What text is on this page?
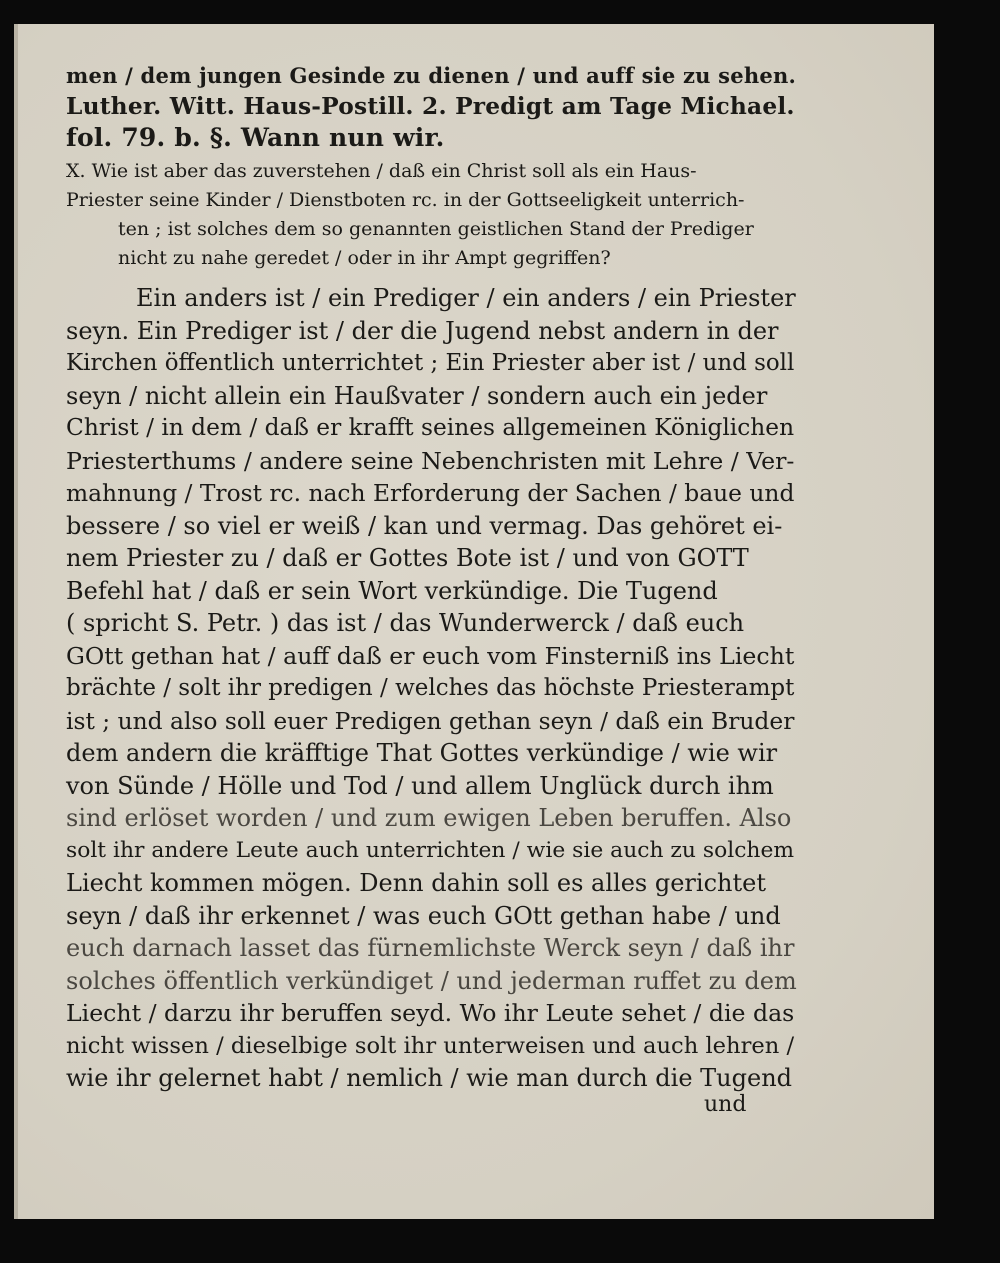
men / dem jungen Gesinde zu dienen / und auff sie zu sehen.
Luther. Witt. Haus-Postill. 2. Predigt am Tage Michael.
fol. 79. b. §. Wann nun wir.
X. Wie ist aber das zuverstehen / daß ein Christ soll als ein Haus-
Priester seine Kinder / Dienstboten rc. in der Gottseeligkeit unterrich-
ten ; ist solches dem so genannten geistlichen Stand der Prediger
nicht zu nahe geredet / oder in ihr Ampt gegriffen?
Ein anders ist / ein Prediger / ein anders / ein Priester
seyn. Ein Prediger ist / der die Jugend nebst andern in der
Kirchen öffentlich unterrichtet ; Ein Priester aber ist / und soll
seyn / nicht allein ein Haußvater / sondern auch ein jeder
Christ / in dem / daß er krafft seines allgemeinen Königlichen
Priesterthums / andere seine Nebenchristen mit Lehre / Ver-
mahnung / Trost rc. nach Erforderung der Sachen / baue und
bessere / so viel er weiß / kan und vermag. Das gehöret ei-
nem Priester zu / daß er Gottes Bote ist / und von GOTT
Befehl hat / daß er sein Wort verkündige. Die Tugend
( spricht S. Petr. ) das ist / das Wunderwerck / daß euch
GOtt gethan hat / auff daß er euch vom Finsterniß ins Liecht
brächte / solt ihr predigen / welches das höchste Priesterampt
ist ; und also soll euer Predigen gethan seyn / daß ein Bruder
dem andern die kräfftige That Gottes verkündige / wie wir
von Sünde / Hölle und Tod / und allem Unglück durch ihm
sind erlöset worden / und zum ewigen Leben beruffen. Also
solt ihr andere Leute auch unterrichten / wie sie auch zu solchem
Liecht kommen mögen. Denn dahin soll es alles gerichtet
seyn / daß ihr erkennet / was euch GOtt gethan habe / und
euch darnach lasset das fürnemlichste Werck seyn / daß ihr
solches öffentlich verkündiget / und jederman ruffet zu dem
Liecht / darzu ihr beruffen seyd. Wo ihr Leute sehet / die das
nicht wissen / dieselbige solt ihr unterweisen und auch lehren /
wie ihr gelernet habt / nemlich / wie man durch die Tugend
und
